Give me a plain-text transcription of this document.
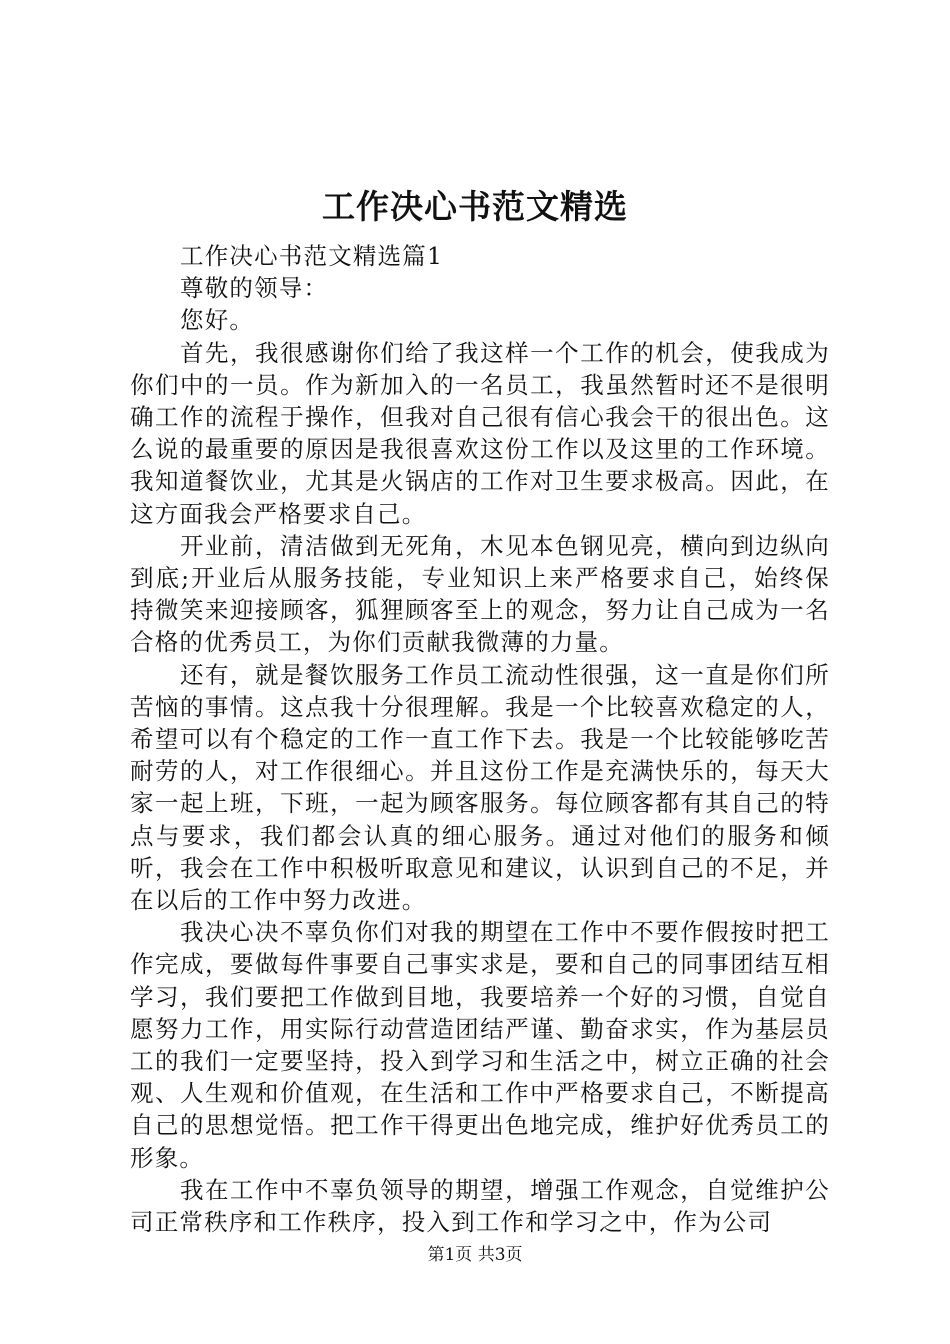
工作决心书范文精选

工作决心书范文精选篇1

尊敬的领导：

您好。

首先，我很感谢你们给了我这样一个工作的机会，使我成为你们中的一员。作为新加入的一名员工，我虽然暂时还不是很明确工作的流程于操作，但我对自己很有信心我会干的很出色。这么说的最重要的原因是我很喜欢这份工作以及这里的工作环境。我知道餐饮业，尤其是火锅店的工作对卫生要求极高。因此，在这方面我会严格要求自己。

开业前，清洁做到无死角，木见本色钢见亮，横向到边纵向到底;开业后从服务技能，专业知识上来严格要求自己，始终保持微笑来迎接顾客，狐狸顾客至上的观念，努力让自己成为一名合格的优秀员工，为你们贡献我微薄的力量。

还有，就是餐饮服务工作员工流动性很强，这一直是你们所苦恼的事情。这点我十分很理解。我是一个比较喜欢稳定的人，希望可以有个稳定的工作一直工作下去。我是一个比较能够吃苦耐劳的人，对工作很细心。并且这份工作是充满快乐的，每天大家一起上班，下班，一起为顾客服务。每位顾客都有其自己的特点与要求，我们都会认真的细心服务。通过对他们的服务和倾听，我会在工作中积极听取意见和建议，认识到自己的不足，并在以后的工作中努力改进。

我决心决不辜负你们对我的期望在工作中不要作假按时把工作完成，要做每件事要自己事实求是，要和自己的同事团结互相学习，我们要把工作做到目地，我要培养一个好的习惯，自觉自愿努力工作，用实际行动营造团结严谨、勤奋求实，作为基层员工的我们一定要坚持，投入到学习和生活之中，树立正确的社会观、人生观和价值观，在生活和工作中严格要求自己，不断提高自己的思想觉悟。把工作干得更出色地完成，维护好优秀员工的形象。

我在工作中不辜负领导的期望，增强工作观念，自觉维护公司正常秩序和工作秩序，投入到工作和学习之中，作为公司

第1页 共3页
